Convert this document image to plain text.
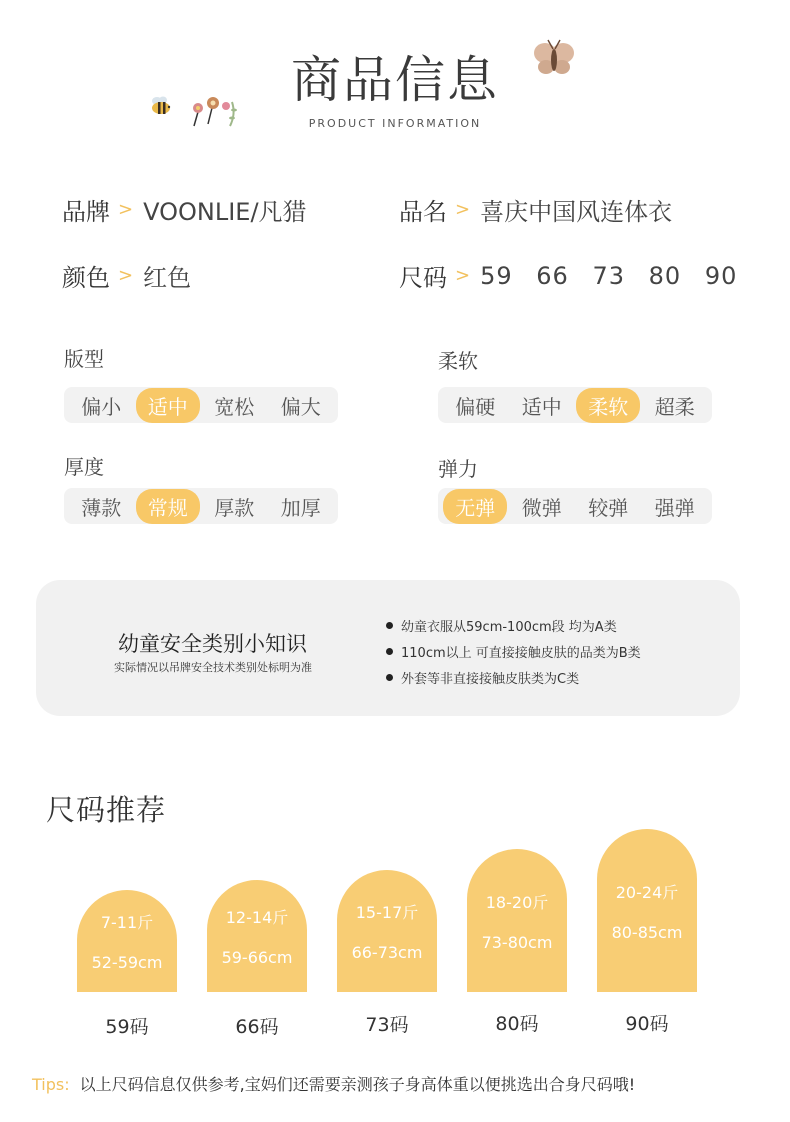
商品信息
PRODUCT INFORMATION
品牌 > VOONLIE/凡猎	品名 > 喜庆中国风连体衣
颜色 > 红色	尺码 > 59 66 73 80 90
版型
偏小	适中	宽松	偏大
柔软
偏硬	适中	柔软	超柔
厚度
薄款	常规	厚款	加厚
弹力
无弹	微弹	较弹	强弹
幼童安全类别小知识
实际情况以吊牌安全技术类别处标明为准
幼童衣服从59cm-100cm段 均为A类
110cm以上 可直接接触皮肤的品类为B类
外套等非直接接触皮肤类为C类
尺码推荐
7-11斤
52-59cm
59码
12-14斤
59-66cm
66码
15-17斤
66-73cm
73码
18-20斤
73-80cm
80码
20-24斤
80-85cm
90码
Tips: 以上尺码信息仅供参考,宝妈们还需要亲测孩子身高体重以便挑选出合身尺码哦!
